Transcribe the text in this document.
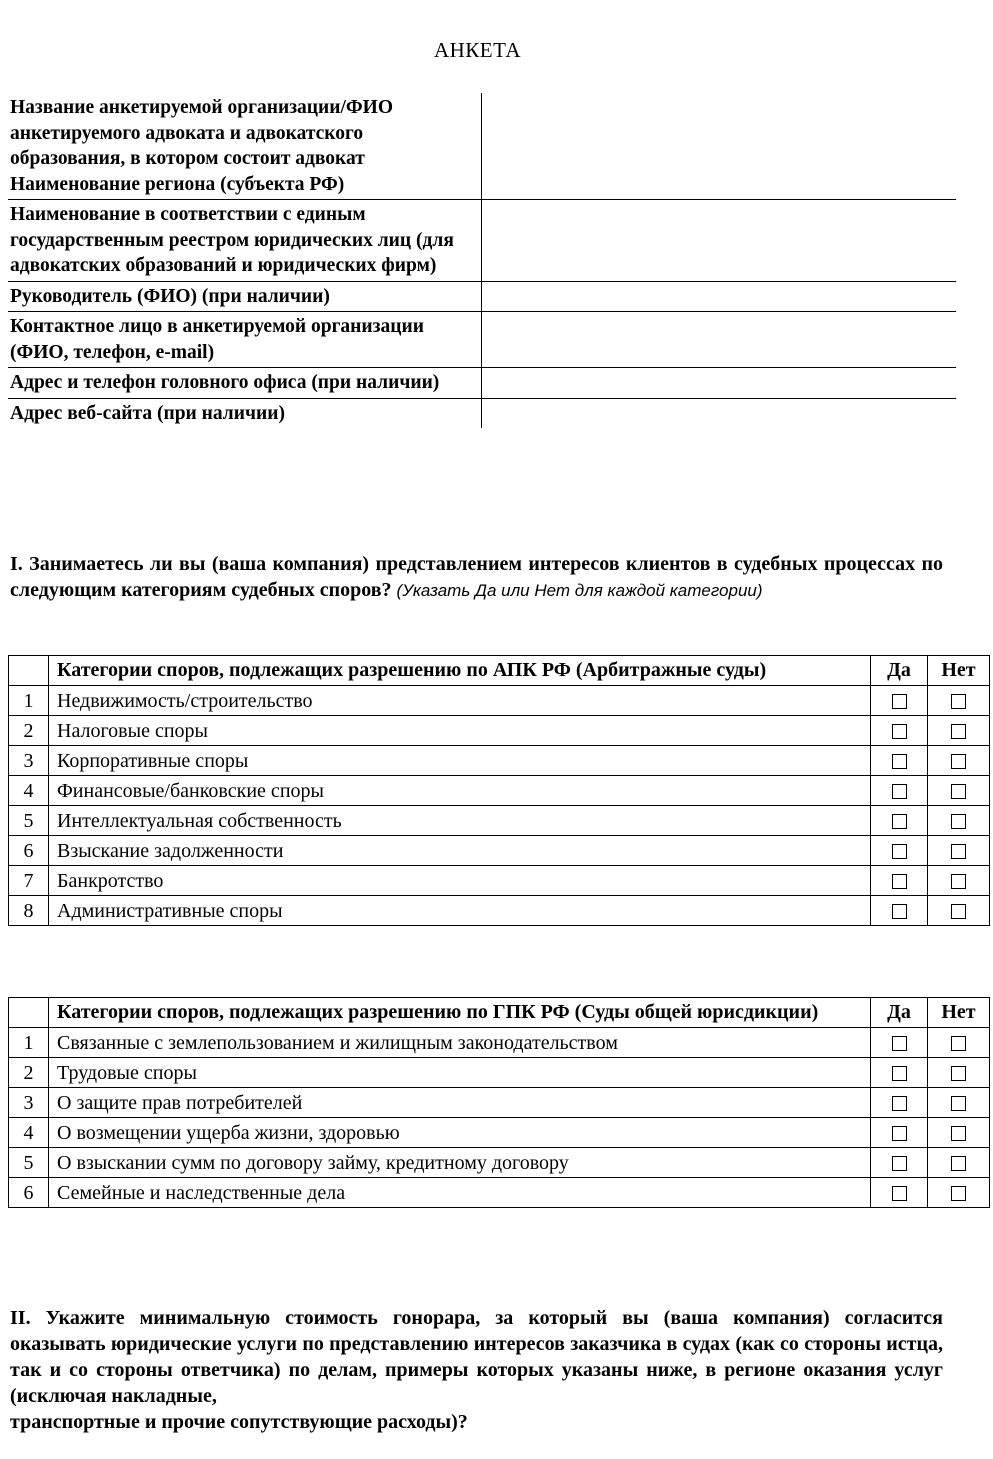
АНКЕТА
Название анкетируемой организации/ФИО анкетируемого адвоката и адвокатского образования, в котором состоит адвокат Наименование региона (субъекта РФ)	
Наименование в соответствии с единым государственным реестром юридических лиц (для адвокатских образований и юридических фирм)	
Руководитель (ФИО) (при наличии)	
Контактное лицо в анкетируемой организации (ФИО, телефон, e-mail)	
Адрес и телефон головного офиса (при наличии)	
Адрес веб-сайта (при наличии)	
I. Занимаетесь ли вы (ваша компания) представлением интересов клиентов в судебных процессах по следующим категориям судебных споров? (Указать Да или Нет для каждой категории)
	Категории споров, подлежащих разрешению по АПК РФ (Арбитражные суды)	Да	Нет
1	Недвижимость/строительство		
2	Налоговые споры		
3	Корпоративные споры		
4	Финансовые/банковские споры		
5	Интеллектуальная собственность		
6	Взыскание задолженности		
7	Банкротство		
8	Административные споры		
	Категории споров, подлежащих разрешению по ГПК РФ (Суды общей юрисдикции)	Да	Нет
1	Связанные с землепользованием и жилищным законодательством		
2	Трудовые споры		
3	О защите прав потребителей		
4	О возмещении ущерба жизни, здоровью		
5	О взыскании сумм по договору займу, кредитному договору		
6	Семейные и наследственные дела		
II. Укажите минимальную стоимость гонорара, за который вы (ваша компания) согласится оказывать юридические услуги по представлению интересов заказчика в судах (как со стороны истца, так и со стороны ответчика) по делам, примеры которых указаны ниже, в регионе оказания услуг (исключая накладные,
транспортные и прочие сопутствующие расходы)?
